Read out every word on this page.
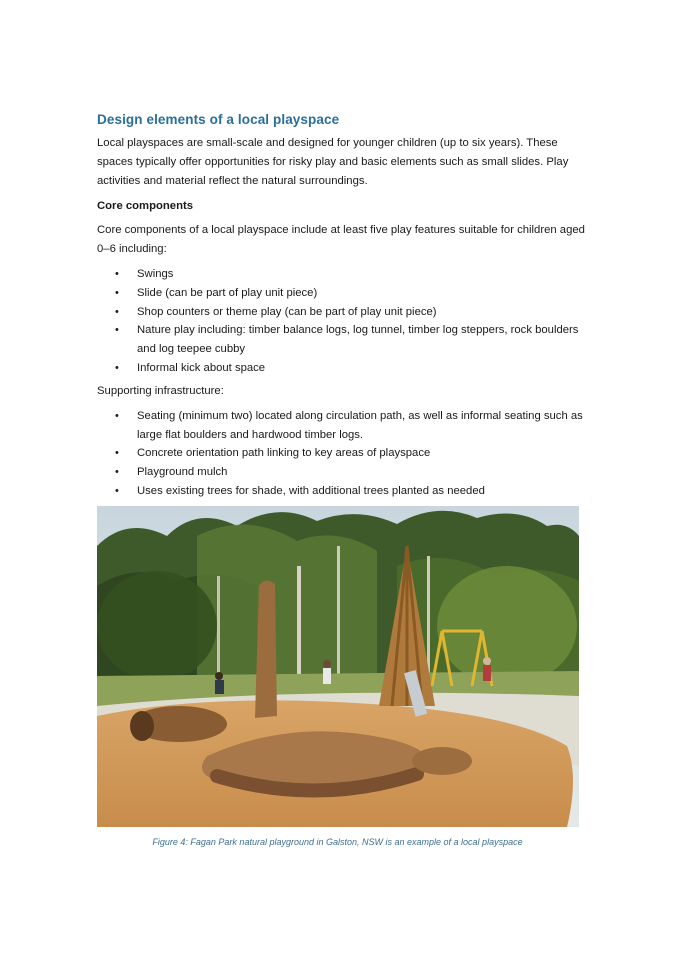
Design elements of a local playspace

Local playspaces are small-scale and designed for younger children (up to six years). These spaces typically offer opportunities for risky play and basic elements such as small slides. Play activities and material reflect the natural surroundings.

Core components

Core components of a local playspace include at least five play features suitable for children aged 0–6 including:

• Swings
• Slide (can be part of play unit piece)
• Shop counters or theme play (can be part of play unit piece)
• Nature play including: timber balance logs, log tunnel, timber log steppers, rock boulders and log teepee cubby
• Informal kick about space

Supporting infrastructure:

• Seating (minimum two) located along circulation path, as well as informal seating such as large flat boulders and hardwood timber logs.
• Concrete orientation path linking to key areas of playspace
• Playground mulch
• Uses existing trees for shade, with additional trees planted as needed
Figure 4: Fagan Park natural playground in Galston, NSW is an example of a local playspace
